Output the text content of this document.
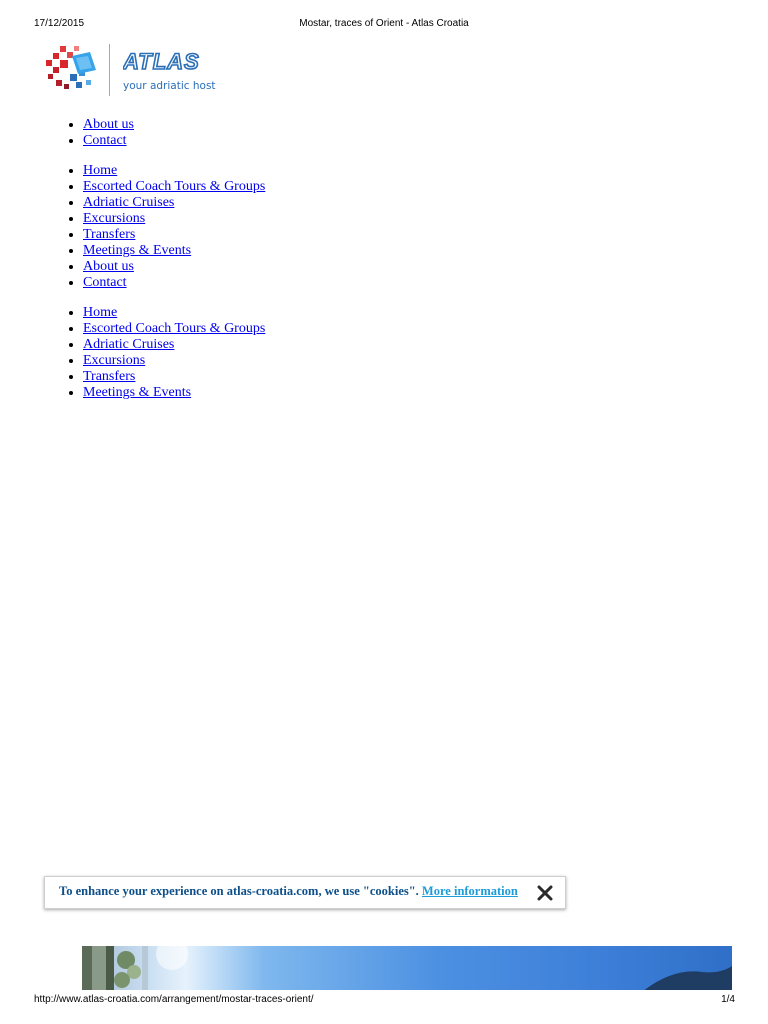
17/12/2015	Mostar, traces of Orient - Atlas Croatia
ATLAS
your adriatic host
• About us
• Contact
• Home
• Escorted Coach Tours & Groups
• Adriatic Cruises
• Excursions
• Transfers
• Meetings & Events
• About us
• Contact
• Home
• Escorted Coach Tours & Groups
• Adriatic Cruises
• Excursions
• Transfers
• Meetings & Events
To enhance your experience on atlas-croatia.com, we use "cookies". More information
http://www.atlas-croatia.com/arrangement/mostar-traces-orient/	1/4
